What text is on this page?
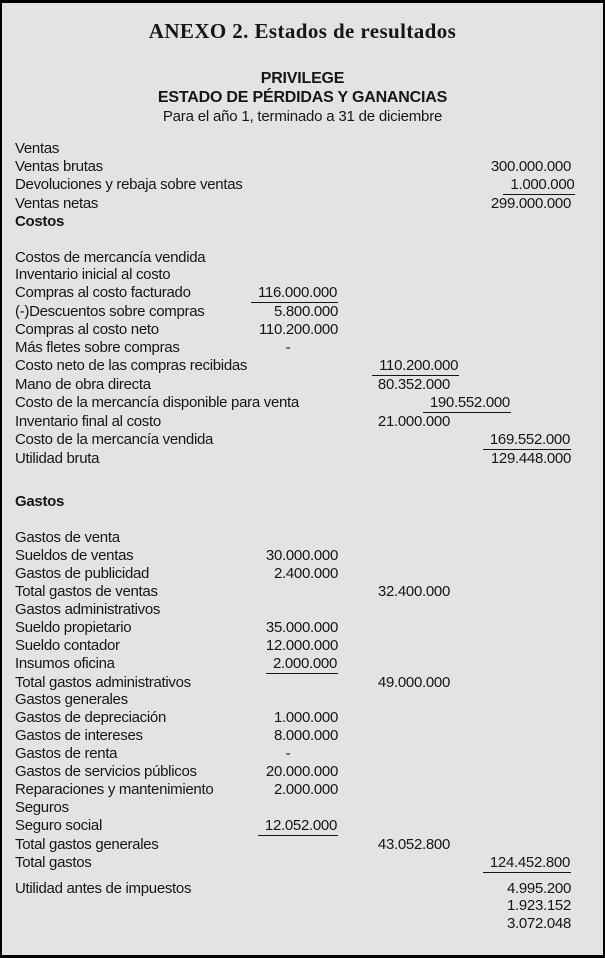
ANEXO 2. Estados de resultados
PRIVILEGE
ESTADO DE PÉRDIDAS Y GANANCIAS
Para el año 1, terminado a 31 de diciembre
Ventas
Ventas brutas	300.000.000
Devoluciones y rebaja sobre ventas	1.000.000
Ventas netas	299.000.000
Costos
Costos de mercancía vendida
Inventario inicial al costo
Compras al costo facturado	116.000.000
(-)Descuentos sobre compras	5.800.000
Compras al costo neto	110.200.000
Más fletes sobre compras	-
Costo neto de las compras recibidas	110.200.000
Mano de obra directa	80.352.000
Costo de la mercancía disponible para venta	190.552.000
Inventario final al costo	21.000.000
Costo de la mercancía vendida	169.552.000
Utilidad bruta	129.448.000
Gastos
Gastos de venta
Sueldos de ventas	30.000.000
Gastos de publicidad	2.400.000
Total gastos de ventas	32.400.000
Gastos administrativos
Sueldo propietario	35.000.000
Sueldo contador	12.000.000
Insumos oficina	2.000.000
Total gastos administrativos	49.000.000
Gastos generales
Gastos de depreciación	1.000.000
Gastos de intereses	8.000.000
Gastos de renta	-
Gastos de servicios públicos	20.000.000
Reparaciones y mantenimiento	2.000.000
Seguros
Seguro social	12.052.000
Total gastos generales	43.052.800
Total gastos	124.452.800
Utilidad antes de impuestos	4.995.200
1.923.152
3.072.048
